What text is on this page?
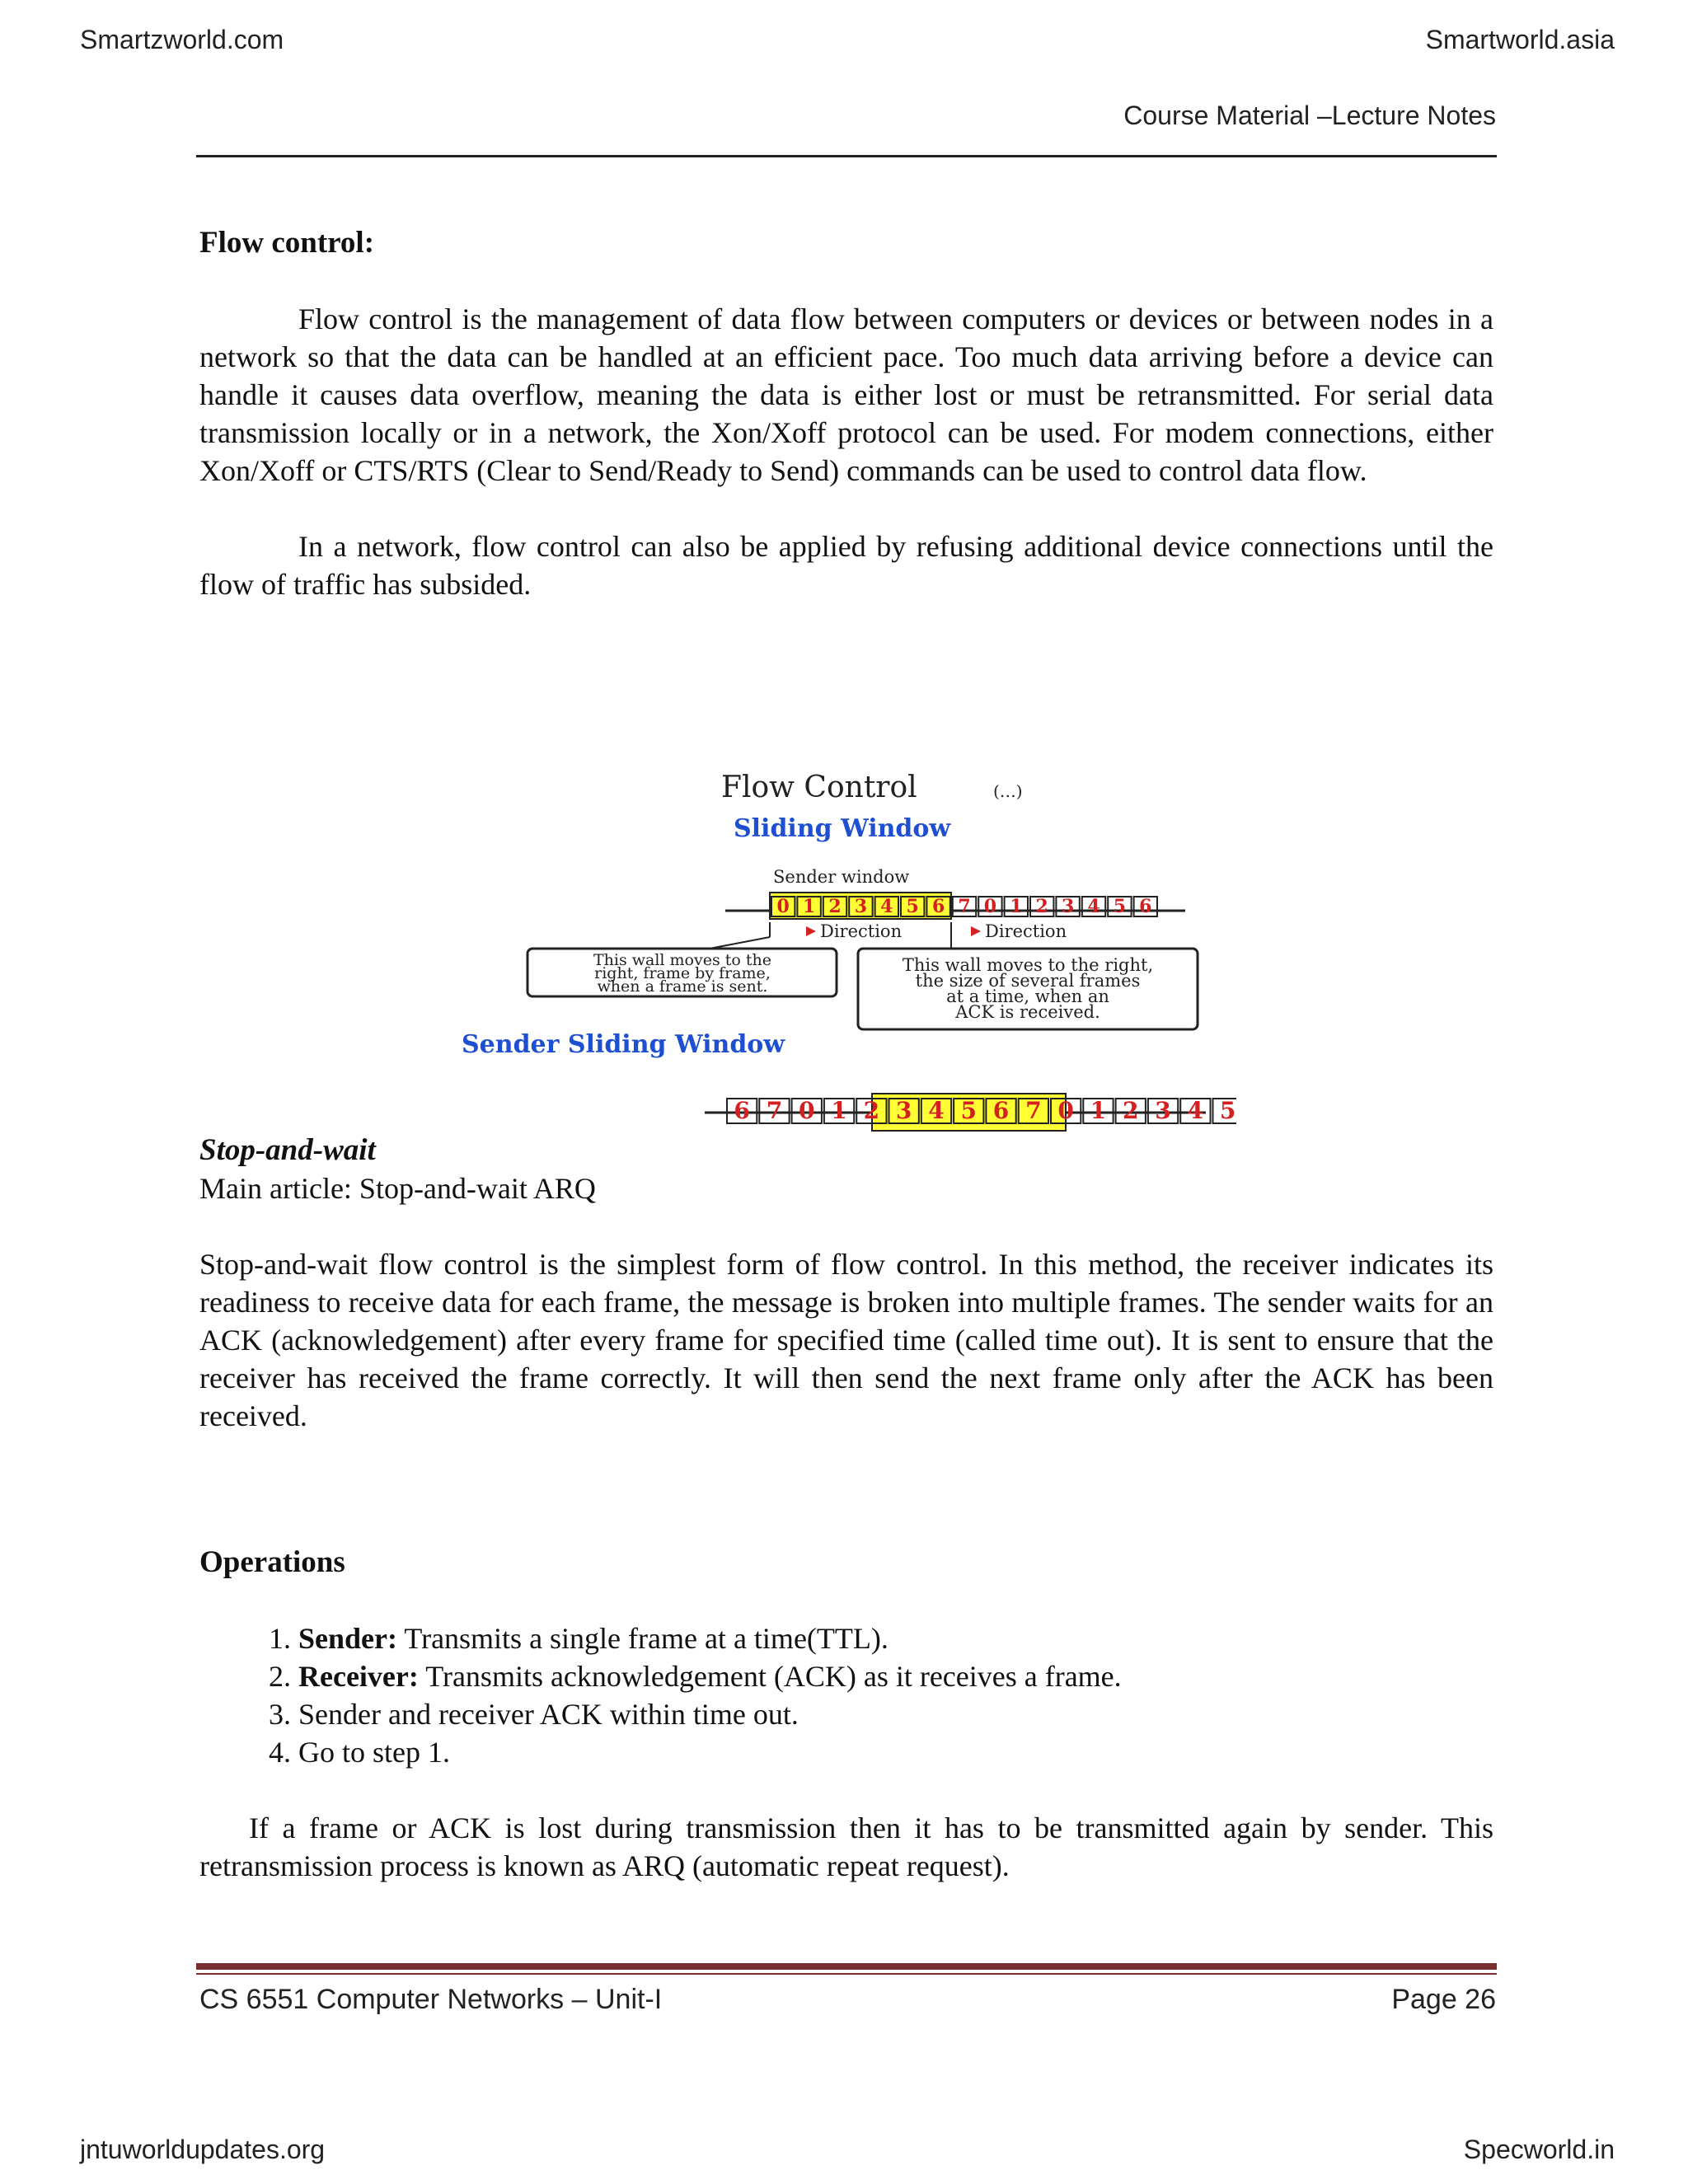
Smartzworld.com	Smartworld.asia
jntuworldupdates.org	Specworld.in
Course Material –Lecture Notes
Flow control:

Flow control is the management of data flow between computers or devices or between nodes in a network so that the data can be handled at an efficient pace. Too much data arriving before a device can handle it causes data overflow, meaning the data is either lost or must be retransmitted. For serial data transmission locally or in a network, the Xon/Xoff protocol can be used. For modem connections, either Xon/Xoff or CTS/RTS (Clear to Send/Ready to Send) commands can be used to control data flow.

In a network, flow control can also be applied by refusing additional device connections until the flow of traffic has subsided.

Stop-and-wait

Main article: Stop-and-wait ARQ

Stop-and-wait flow control is the simplest form of flow control. In this method, the receiver indicates its readiness to receive data for each frame, the message is broken into multiple frames. The sender waits for an ACK (acknowledgement) after every frame for specified time (called time out). It is sent to ensure that the receiver has received the frame correctly. It will then send the next frame only after the ACK has been received.

Operations
1. Sender: Transmits a single frame at a time(TTL).
2. Receiver: Transmits acknowledgement (ACK) as it receives a frame.
3. Sender and receiver ACK within time out.
4. Go to step 1.

If a frame or ACK is lost during transmission then it has to be transmitted again by sender. This retransmission process is known as ARQ (automatic repeat request).

Flow Control	(…)
Sliding Window
Sender window
0 1 2 3 4 5 6 7 0 1 2 3 4 5 6
Direction	Direction
This wall moves to the
right, frame by frame,
when a frame is sent.
This wall moves to the right,
the size of several frames
at a time, when an
ACK is received.
Sender Sliding Window
6 7 0 1 2 3 4 5 6 7 0 1 2 3 4 5
CS 6551 Computer Networks – Unit-I	Page 26
